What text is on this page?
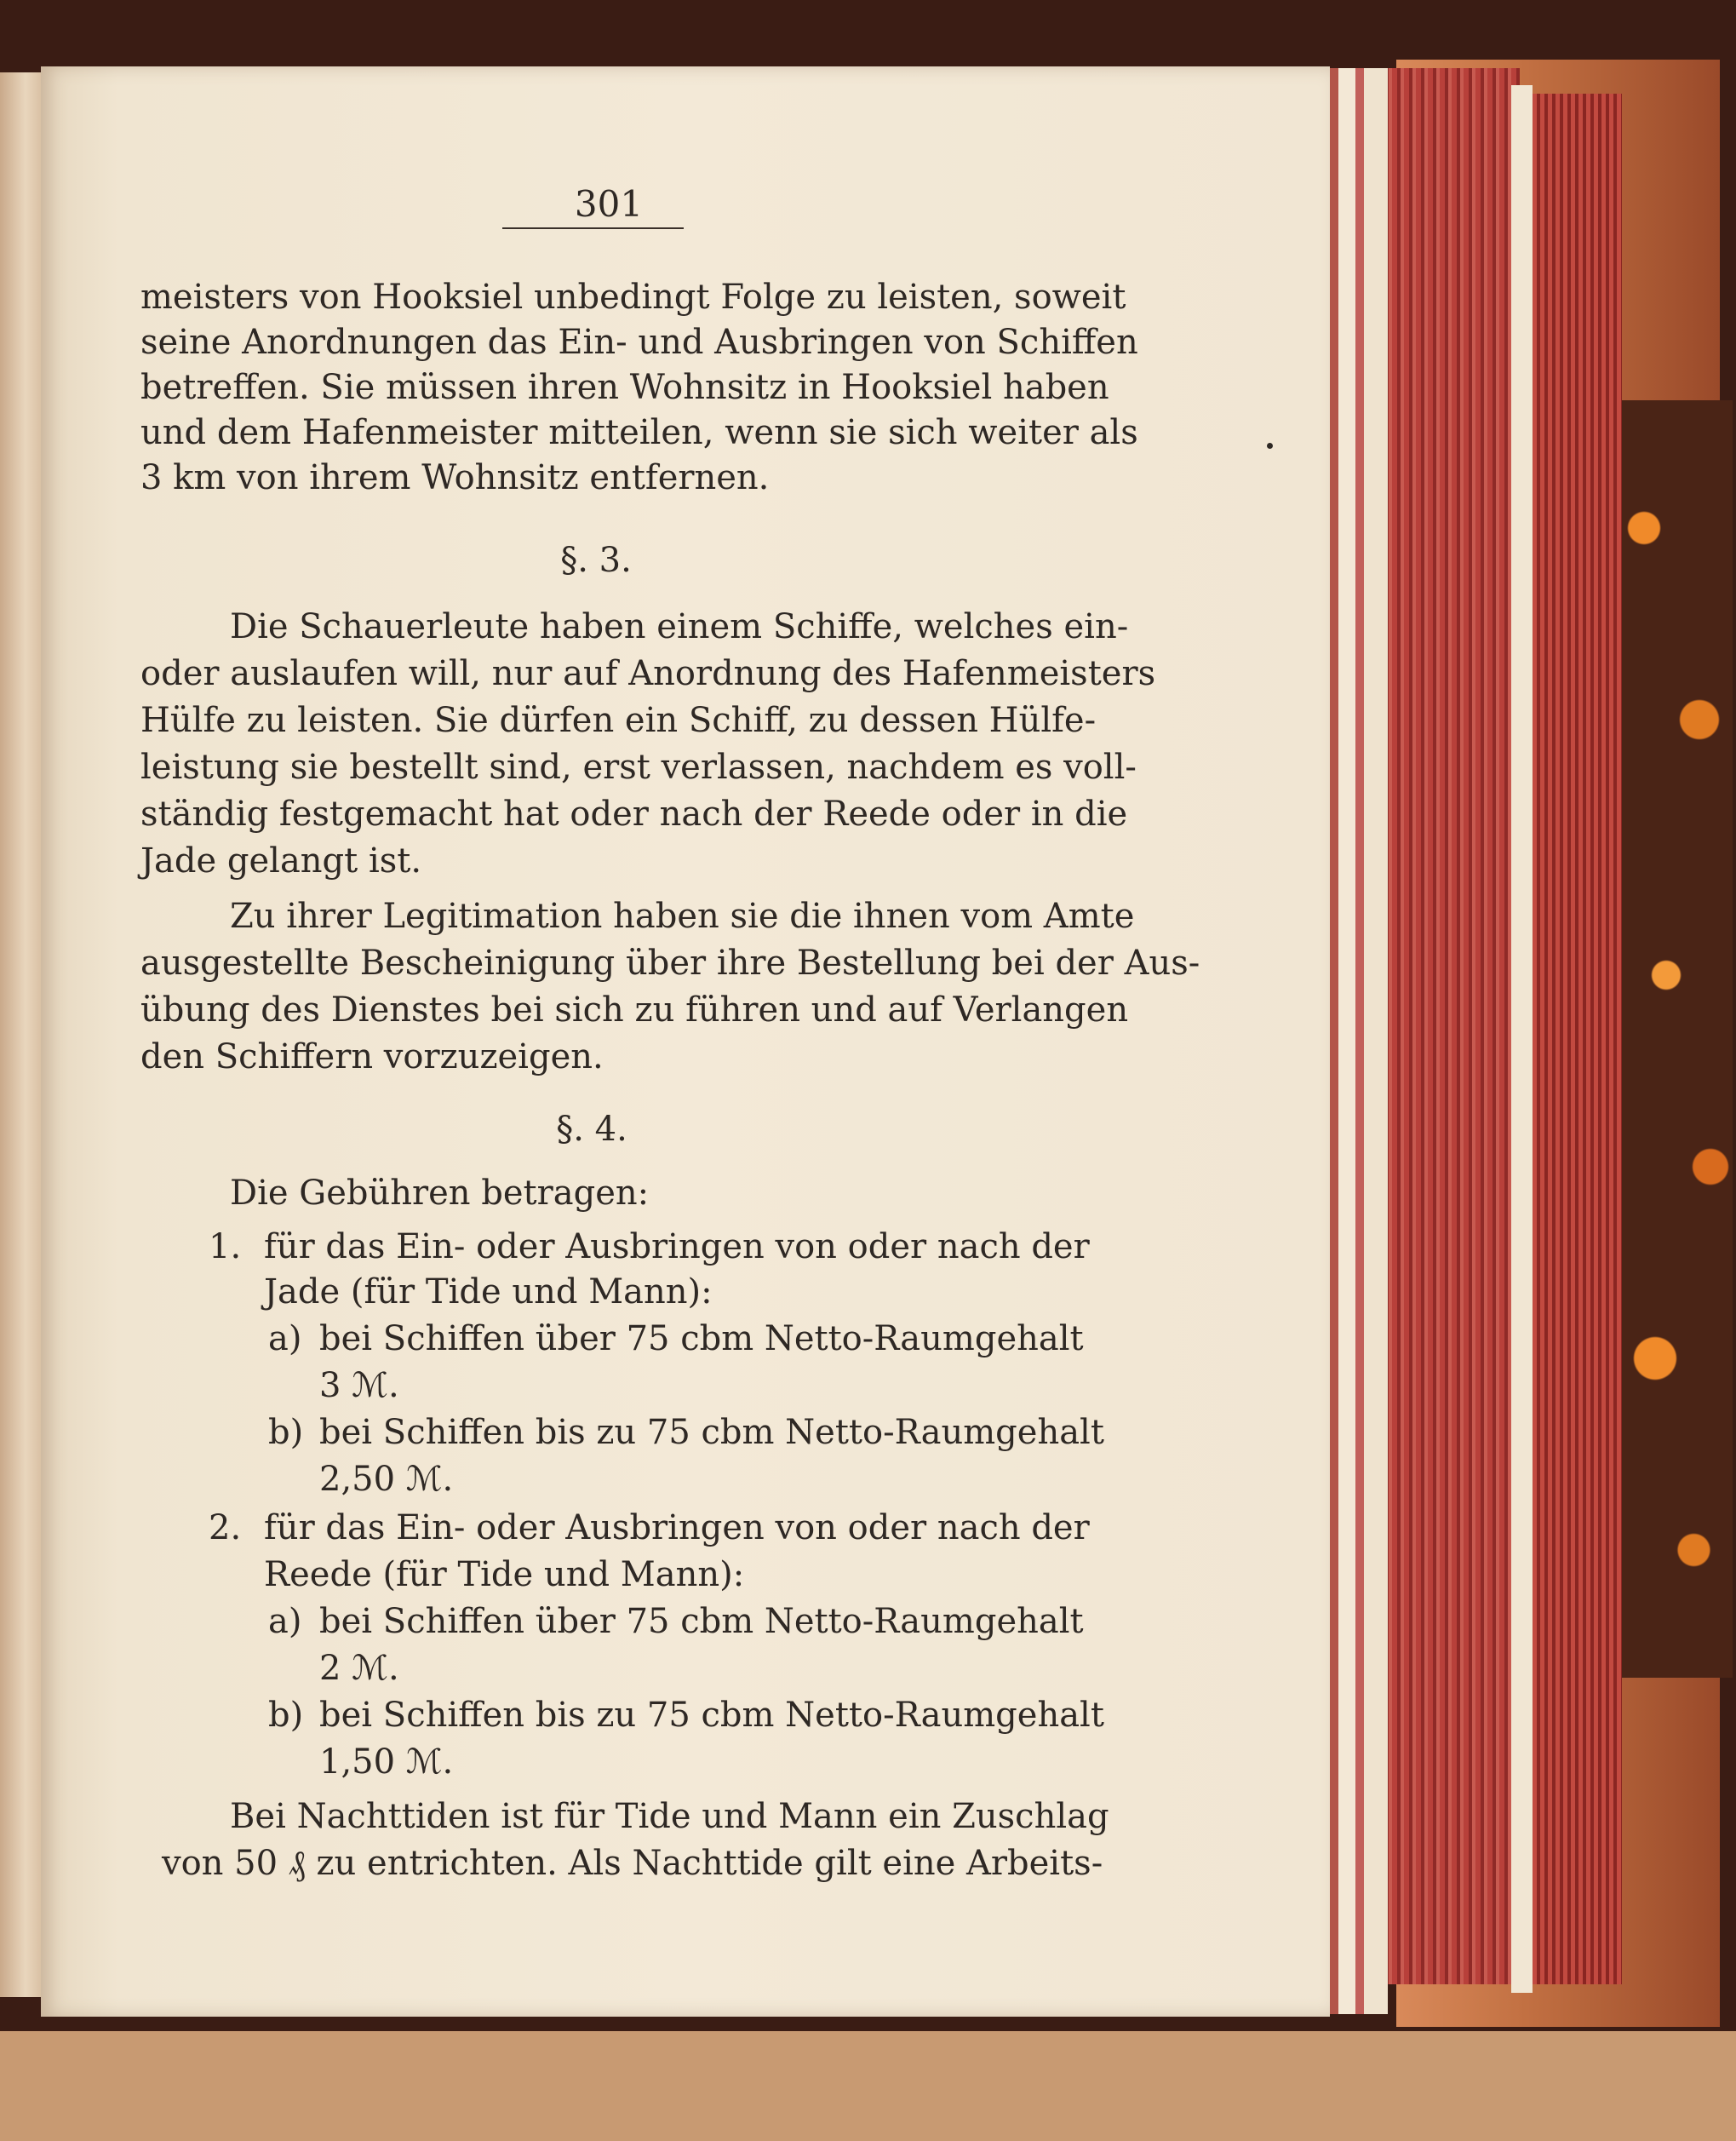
301
meisters von Hooksiel unbedingt Folge zu leisten, soweit
seine Anordnungen das Ein- und Ausbringen von Schiffen
betreffen. Sie müssen ihren Wohnsitz in Hooksiel haben
und dem Hafenmeister mitteilen, wenn sie sich weiter als
3 km von ihrem Wohnsitz entfernen.
§. 3.
Die Schauerleute haben einem Schiffe, welches ein-
oder auslaufen will, nur auf Anordnung des Hafenmeisters
Hülfe zu leisten. Sie dürfen ein Schiff, zu dessen Hülfe-
leistung sie bestellt sind, erst verlassen, nachdem es voll-
ständig festgemacht hat oder nach der Reede oder in die
Jade gelangt ist.
Zu ihrer Legitimation haben sie die ihnen vom Amte
ausgestellte Bescheinigung über ihre Bestellung bei der Aus-
übung des Dienstes bei sich zu führen und auf Verlangen
den Schiffern vorzuzeigen.
§. 4.
Die Gebühren betragen:
1. für das Ein- oder Ausbringen von oder nach der
Jade (für Tide und Mann):
a) bei Schiffen über 75 cbm Netto-Raumgehalt
3 ℳ.
b) bei Schiffen bis zu 75 cbm Netto-Raumgehalt
2,50 ℳ.
2. für das Ein- oder Ausbringen von oder nach der
Reede (für Tide und Mann):
a) bei Schiffen über 75 cbm Netto-Raumgehalt
2 ℳ.
b) bei Schiffen bis zu 75 cbm Netto-Raumgehalt
1,50 ℳ.
Bei Nachttiden ist für Tide und Mann ein Zuschlag
von 50 ₰ zu entrichten. Als Nachttide gilt eine Arbeits-
